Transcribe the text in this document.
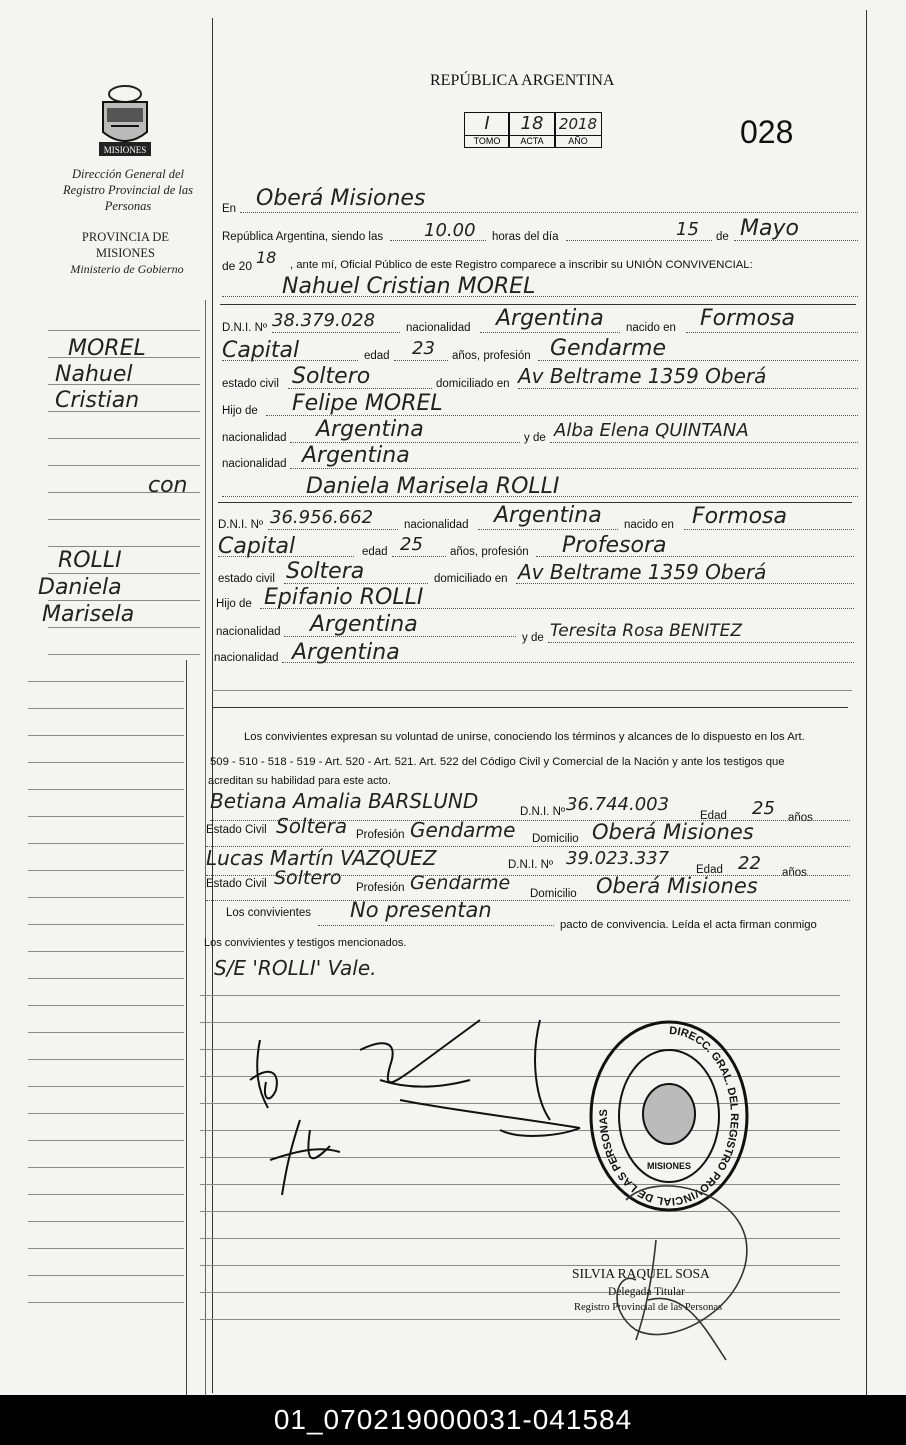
MISIONES
Dirección General del Registro Provincial de las Personas
PROVINCIA DE MISIONES
Ministerio de Gobierno
MOREL
Nahuel
Cristian
con
ROLLI
Daniela
Marisela
REPÚBLICA ARGENTINA
I
TOMO
18
ACTA
2018
AÑO	028
En Oberá Misiones
República Argentina, siendo las 10.00 horas del día	15 de Mayo
de 20 18 , ante mí, Oficial Público de este Registro comparece a inscribir su UNIÓN CONVIVENCIAL:
Nahuel Cristian MOREL
D.N.I. Nº 38.379.028	nacionalidad Argentina nacido en Formosa
Capital	edad 23 años, profesión Gendarme
estado civil Soltero	domiciliado en Av Beltrame 1359 Oberá
Hijo de Felipe MOREL
nacionalidad Argentina	y de Alba Elena QUINTANA
nacionalidad Argentina
Daniela Marisela ROLLI
D.N.I. Nº 36.956.662	nacionalidad Argentina nacido en Formosa
Capital	edad 25 años, profesión Profesora
estado civil Soltera	domiciliado en Av Beltrame 1359 Oberá
Hijo de Epifanio ROLLI
nacionalidad Argentina
y de Teresita Rosa BENITEZ
nacionalidad Argentina
Los convivientes expresan su voluntad de unirse, conociendo los términos y alcances de lo dispuesto en los Art.
509 - 510 - 518 - 519 - Art. 520 - Art. 521. Art. 522 del Código Civil y Comercial de la Nación y ante los testigos que
acreditan su habilidad para este acto.
Betiana Amalia BARSLUND	D.N.I. Nº 36.744.003
Edad 25 años
Estado Civil Soltera Profesión Gendarme Domicilio Oberá Misiones
Lucas Martín VAZQUEZ	D.N.I. Nº 39.023.337
Edad 22 años
Estado Civil Soltero Profesión Gendarme Domicilio Oberá Misiones
Los convivientes No presentan
pacto de convivencia. Leída el acta firman conmigo
Los convivientes y testigos mencionados.
S/E 'ROLLI' Vale.
DIRECC. GRAL. DEL REGISTRO PROVINCIAL DE LAS PERSONAS
MISIONES
SILVIA RAQUEL SOSA
Delegada Titular
Registro Provincial de las Personas
01_070219000031-041584
